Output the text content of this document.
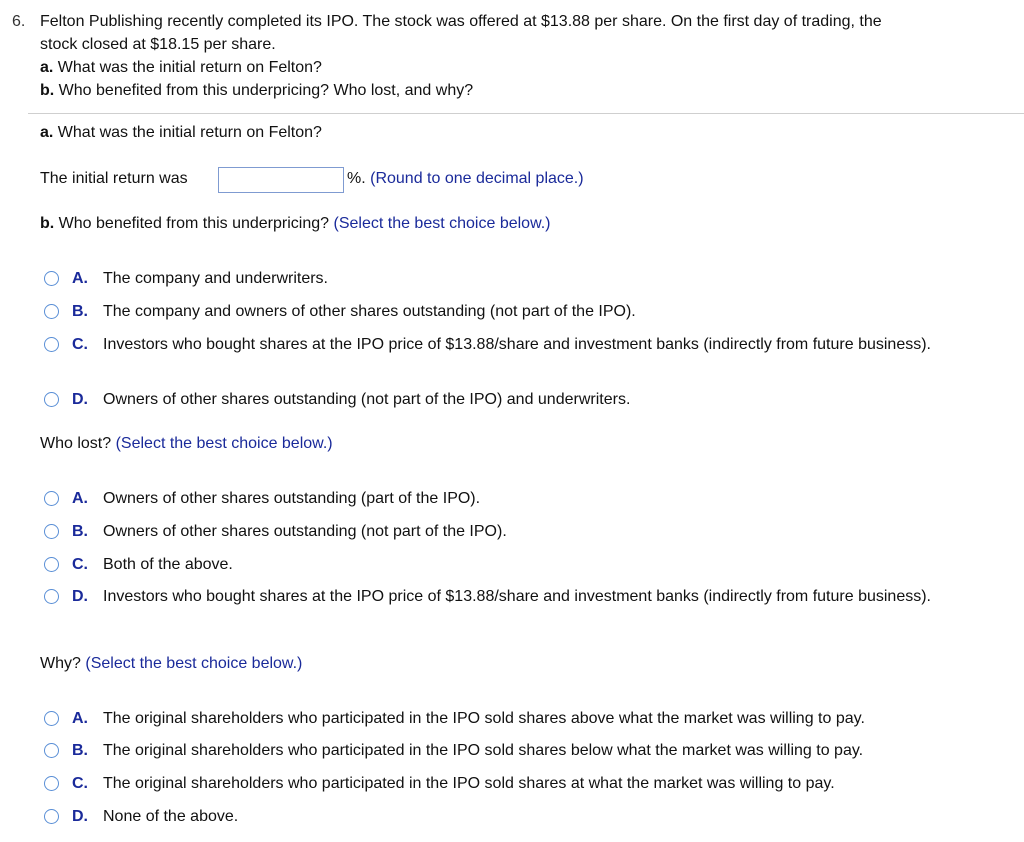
6. Felton Publishing recently completed its IPO. The stock was offered at $13.88 per share. On the first day of trading, the
stock closed at $18.15 per share.
a. What was the initial return on Felton?
b. Who benefited from this underpricing? Who lost, and why?
a. What was the initial return on Felton?
The initial return was	%. (Round to one decimal place.)
b. Who benefited from this underpricing? (Select the best choice below.)
A. The company and underwriters.
B. The company and owners of other shares outstanding (not part of the IPO).
C. Investors who bought shares at the IPO price of $13.88/share and investment banks (indirectly from future business).
D. Owners of other shares outstanding (not part of the IPO) and underwriters.
Who lost? (Select the best choice below.)
A. Owners of other shares outstanding (part of the IPO).
B. Owners of other shares outstanding (not part of the IPO).
C. Both of the above.
D. Investors who bought shares at the IPO price of $13.88/share and investment banks (indirectly from future business).
Why? (Select the best choice below.)
A. The original shareholders who participated in the IPO sold shares above what the market was willing to pay.
B. The original shareholders who participated in the IPO sold shares below what the market was willing to pay.
C. The original shareholders who participated in the IPO sold shares at what the market was willing to pay.
D. None of the above.
